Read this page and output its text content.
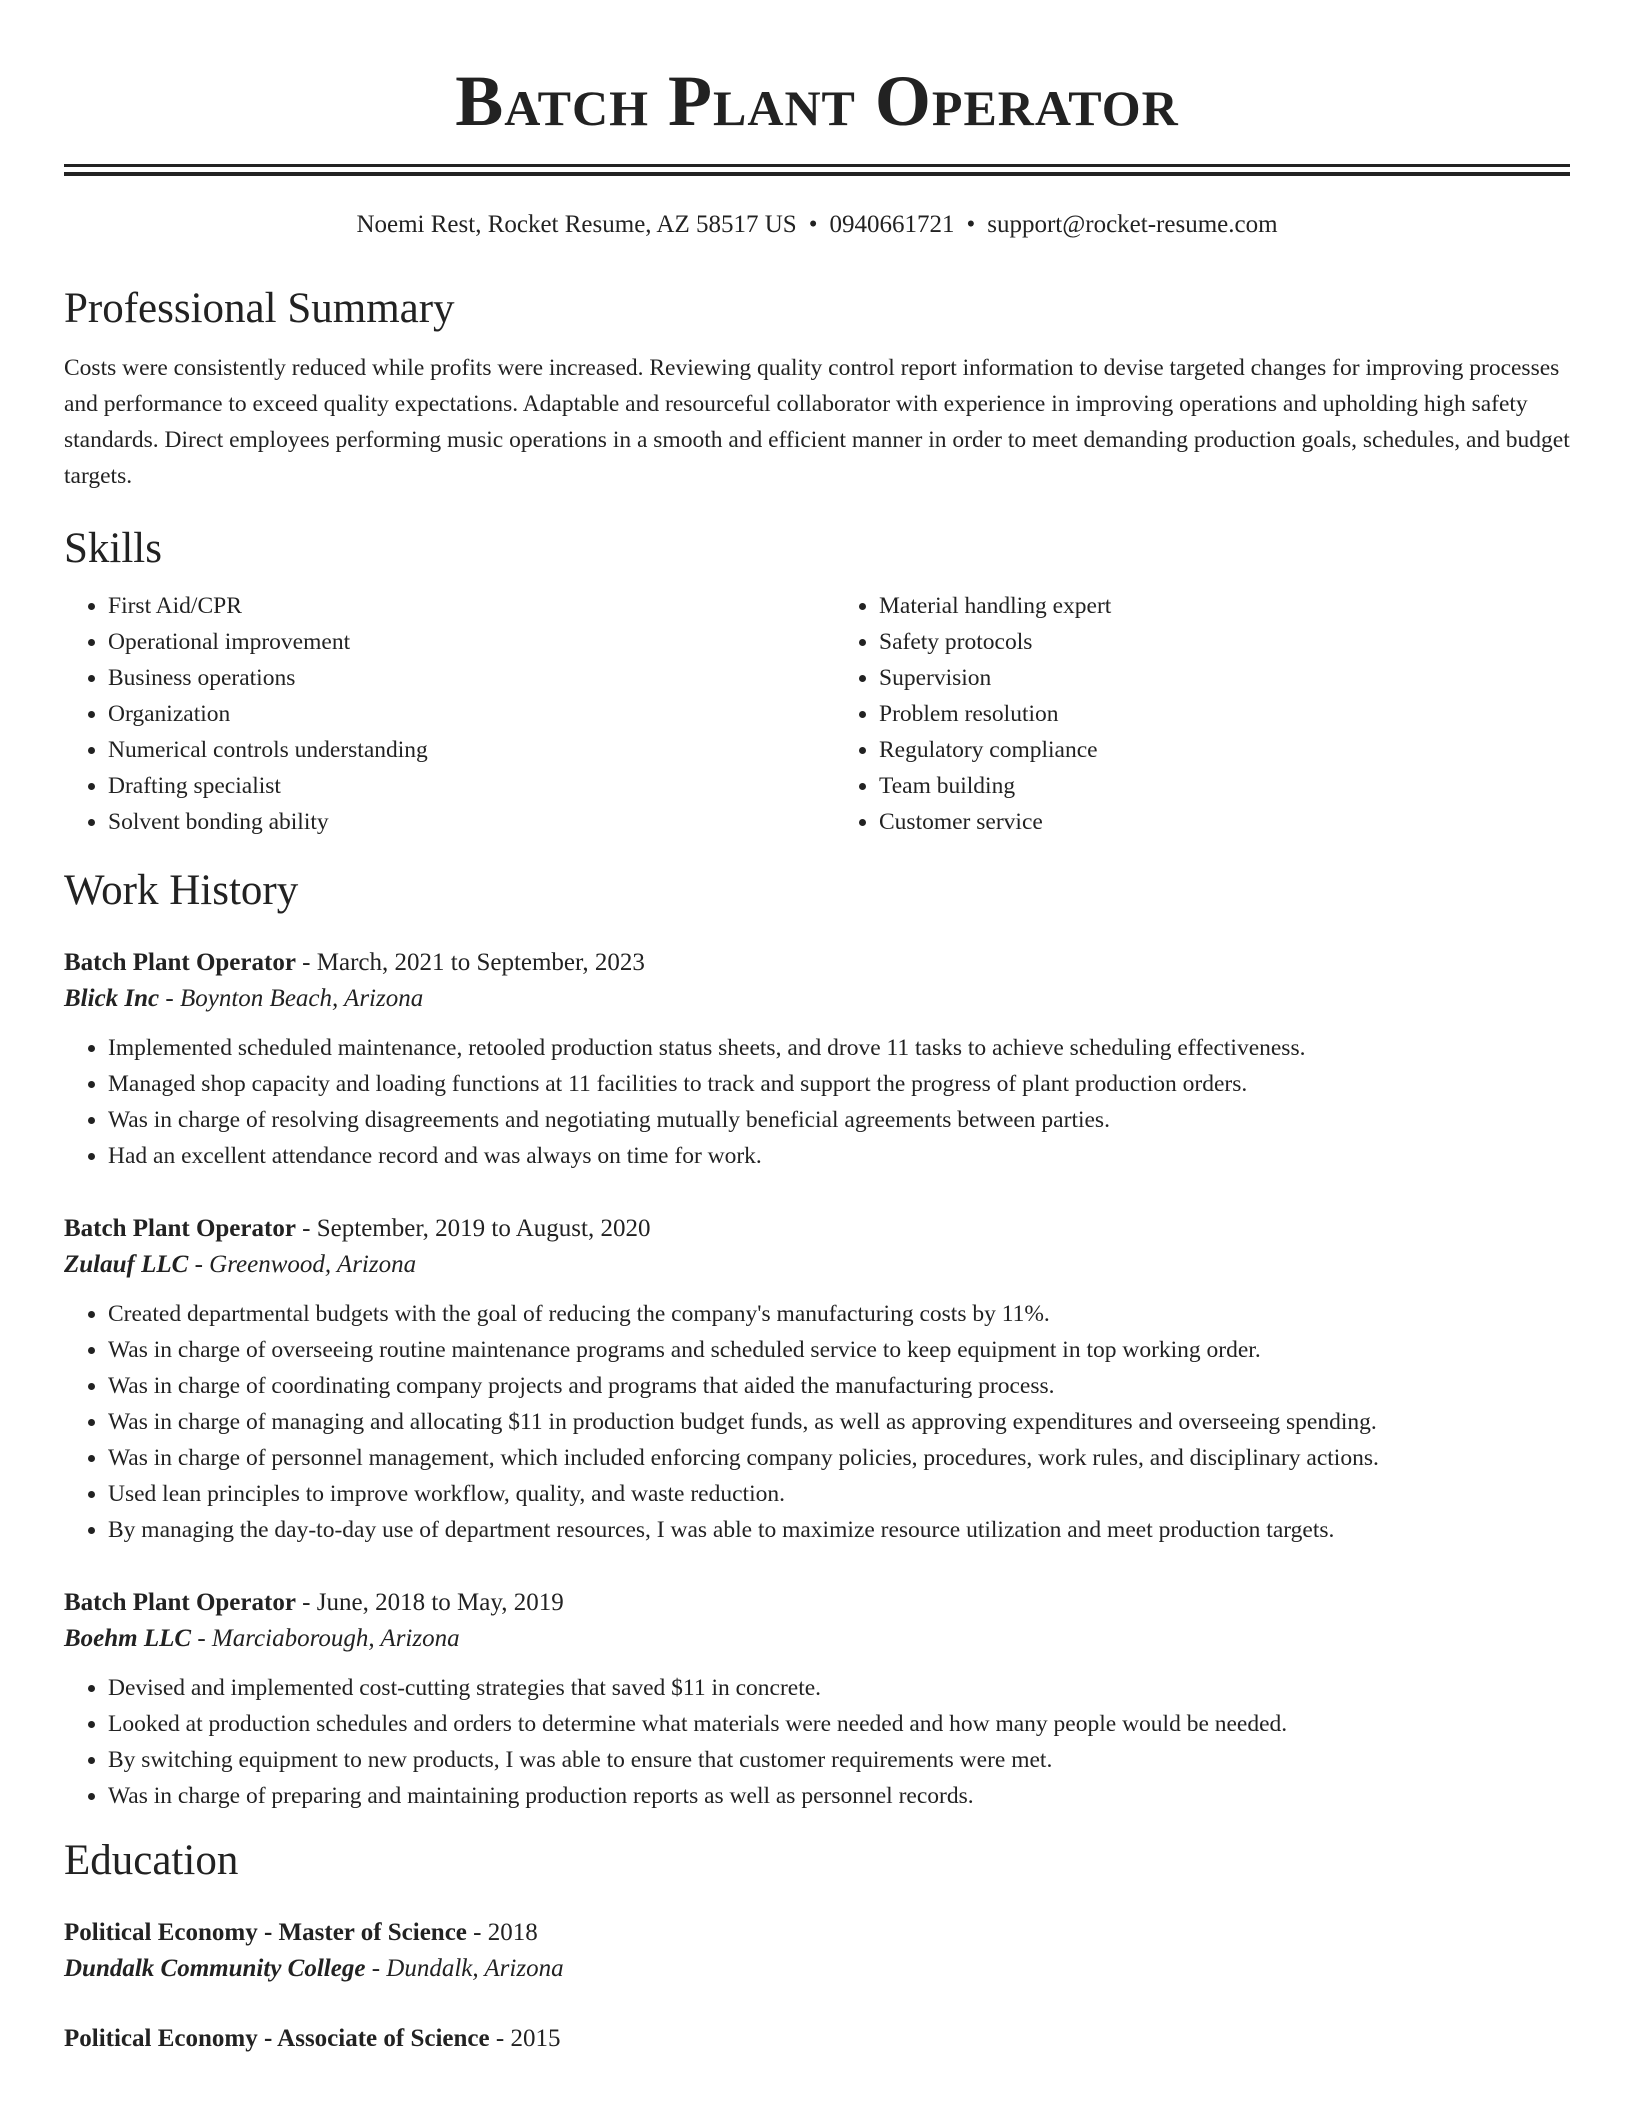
Batch Plant Operator
Noemi Rest, Rocket Resume, AZ 58517 US • 0940661721 • support@rocket-resume.com
Professional Summary
Costs were consistently reduced while profits were increased. Reviewing quality control report information to devise targeted changes for improving processes and performance to exceed quality expectations. Adaptable and resourceful collaborator with experience in improving operations and upholding high safety standards. Direct employees performing music operations in a smooth and efficient manner in order to meet demanding production goals, schedules, and budget targets.
Skills
• First Aid/CPR
• Operational improvement
• Business operations
• Organization
• Numerical controls understanding
• Drafting specialist
• Solvent bonding ability
• Material handling expert
• Safety protocols
• Supervision
• Problem resolution
• Regulatory compliance
• Team building
• Customer service
Work History
Batch Plant Operator - March, 2021 to September, 2023
Blick Inc - Boynton Beach, Arizona
• Implemented scheduled maintenance, retooled production status sheets, and drove 11 tasks to achieve scheduling effectiveness.
• Managed shop capacity and loading functions at 11 facilities to track and support the progress of plant production orders.
• Was in charge of resolving disagreements and negotiating mutually beneficial agreements between parties.
• Had an excellent attendance record and was always on time for work.
Batch Plant Operator - September, 2019 to August, 2020
Zulauf LLC - Greenwood, Arizona
• Created departmental budgets with the goal of reducing the company's manufacturing costs by 11%.
• Was in charge of overseeing routine maintenance programs and scheduled service to keep equipment in top working order.
• Was in charge of coordinating company projects and programs that aided the manufacturing process.
• Was in charge of managing and allocating $11 in production budget funds, as well as approving expenditures and overseeing spending.
• Was in charge of personnel management, which included enforcing company policies, procedures, work rules, and disciplinary actions.
• Used lean principles to improve workflow, quality, and waste reduction.
• By managing the day-to-day use of department resources, I was able to maximize resource utilization and meet production targets.
Batch Plant Operator - June, 2018 to May, 2019
Boehm LLC - Marciaborough, Arizona
• Devised and implemented cost-cutting strategies that saved $11 in concrete.
• Looked at production schedules and orders to determine what materials were needed and how many people would be needed.
• By switching equipment to new products, I was able to ensure that customer requirements were met.
• Was in charge of preparing and maintaining production reports as well as personnel records.
Education
Political Economy - Master of Science - 2018
Dundalk Community College - Dundalk, Arizona
Political Economy - Associate of Science - 2015
